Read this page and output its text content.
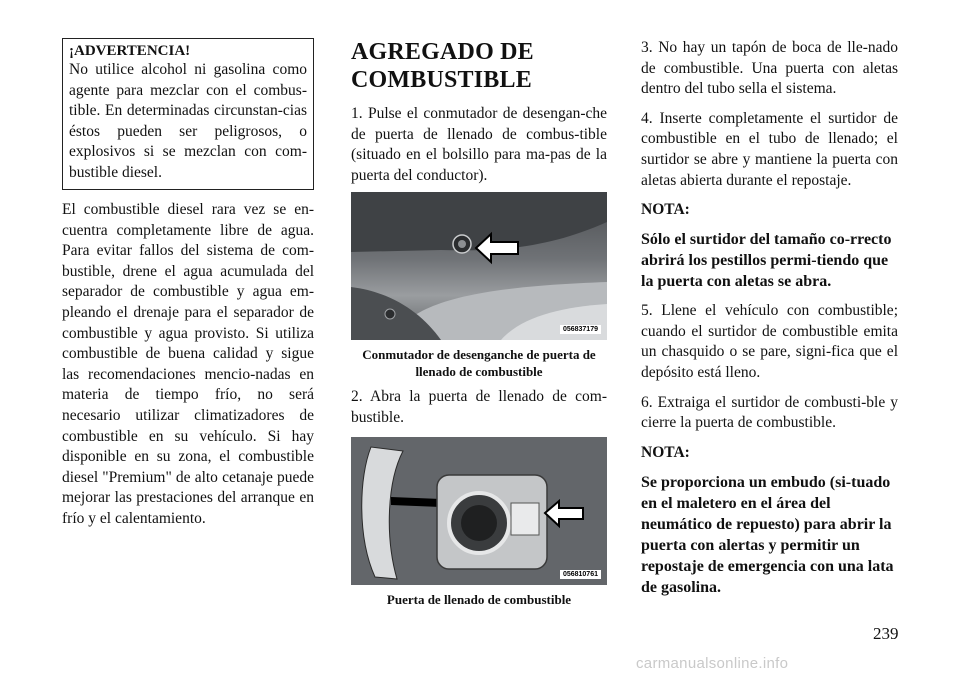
¡ADVERTENCIA!
No utilice alcohol ni gasolina como agente para mezclar con el combus-tible. En determinadas circunstan-cias éstos pueden ser peligrosos, o explosivos si se mezclan con com-bustible diesel.

El combustible diesel rara vez se en-cuentra completamente libre de agua. Para evitar fallos del sistema de com-bustible, drene el agua acumulada del separador de combustible y agua em-pleando el drenaje para el separador de combustible y agua provisto. Si utiliza combustible de buena calidad y sigue las recomendaciones mencio-nadas en materia de tiempo frío, no será necesario utilizar climatizadores de combustible en su vehículo. Si hay disponible en su zona, el combustible diesel "Premium" de alto cetanaje puede mejorar las prestaciones del arranque en frío y el calentamiento.

AGREGADO DE COMBUSTIBLE

1. Pulse el conmutador de desengan-che de puerta de llenado de combus-tible (situado en el bolsillo para ma-pas de la puerta del conductor).

056837179
Conmutador de desenganche de puerta de llenado de combustible

2. Abra la puerta de llenado de com-bustible.

056810761
Puerta de llenado de combustible

3. No hay un tapón de boca de lle-nado de combustible. Una puerta con aletas dentro del tubo sella el sistema.

4. Inserte completamente el surtidor de combustible en el tubo de llenado; el surtidor se abre y mantiene la puerta con aletas abierta durante el repostaje.

NOTA:

Sólo el surtidor del tamaño co-rrecto abrirá los pestillos permi-tiendo que la puerta con aletas se abra.

5. Llene el vehículo con combustible; cuando el surtidor de combustible emita un chasquido o se pare, signi-fica que el depósito está lleno.

6. Extraiga el surtidor de combusti-ble y cierre la puerta de combustible.

NOTA:

Se proporciona un embudo (si-tuado en el maletero en el área del neumático de repuesto) para abrir la puerta con alertas y permitir un repostaje de emergencia con una lata de gasolina.

239
carmanualsonline.info
